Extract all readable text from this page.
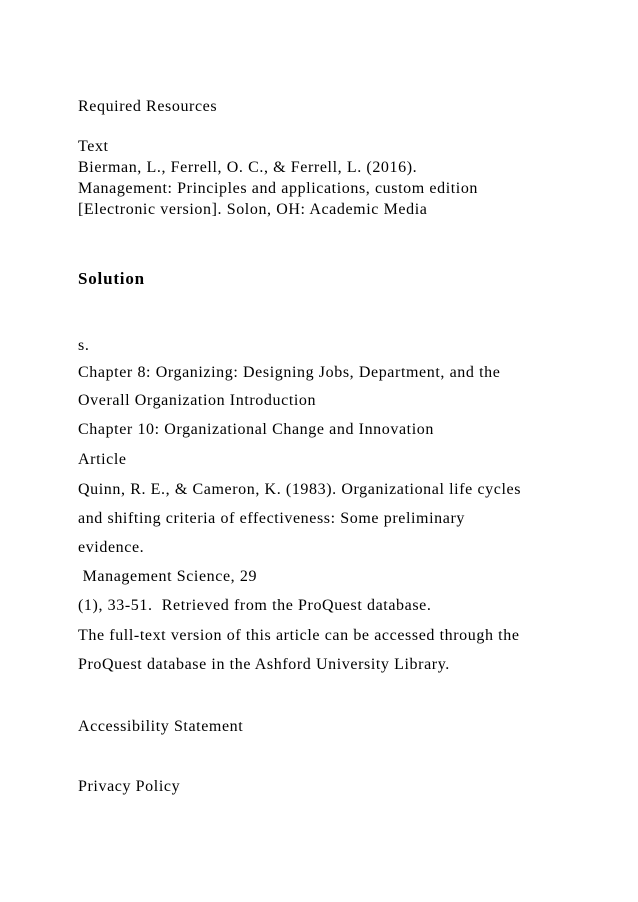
Required Resources

Text

Bierman, L., Ferrell, O. C., & Ferrell, L. (2016).

Management: Principles and applications, custom edition

[Electronic version]. Solon, OH: Academic Media

Solution

s.

Chapter 8: Organizing: Designing Jobs, Department, and the

Overall Organization Introduction

Chapter 10: Organizational Change and Innovation

Article

Quinn, R. E., & Cameron, K. (1983). Organizational life cycles

and shifting criteria of effectiveness: Some preliminary

evidence.

Management Science, 29

(1), 33-51.  Retrieved from the ProQuest database.

The full-text version of this article can be accessed through the

ProQuest database in the Ashford University Library.

Accessibility Statement

Privacy Policy
